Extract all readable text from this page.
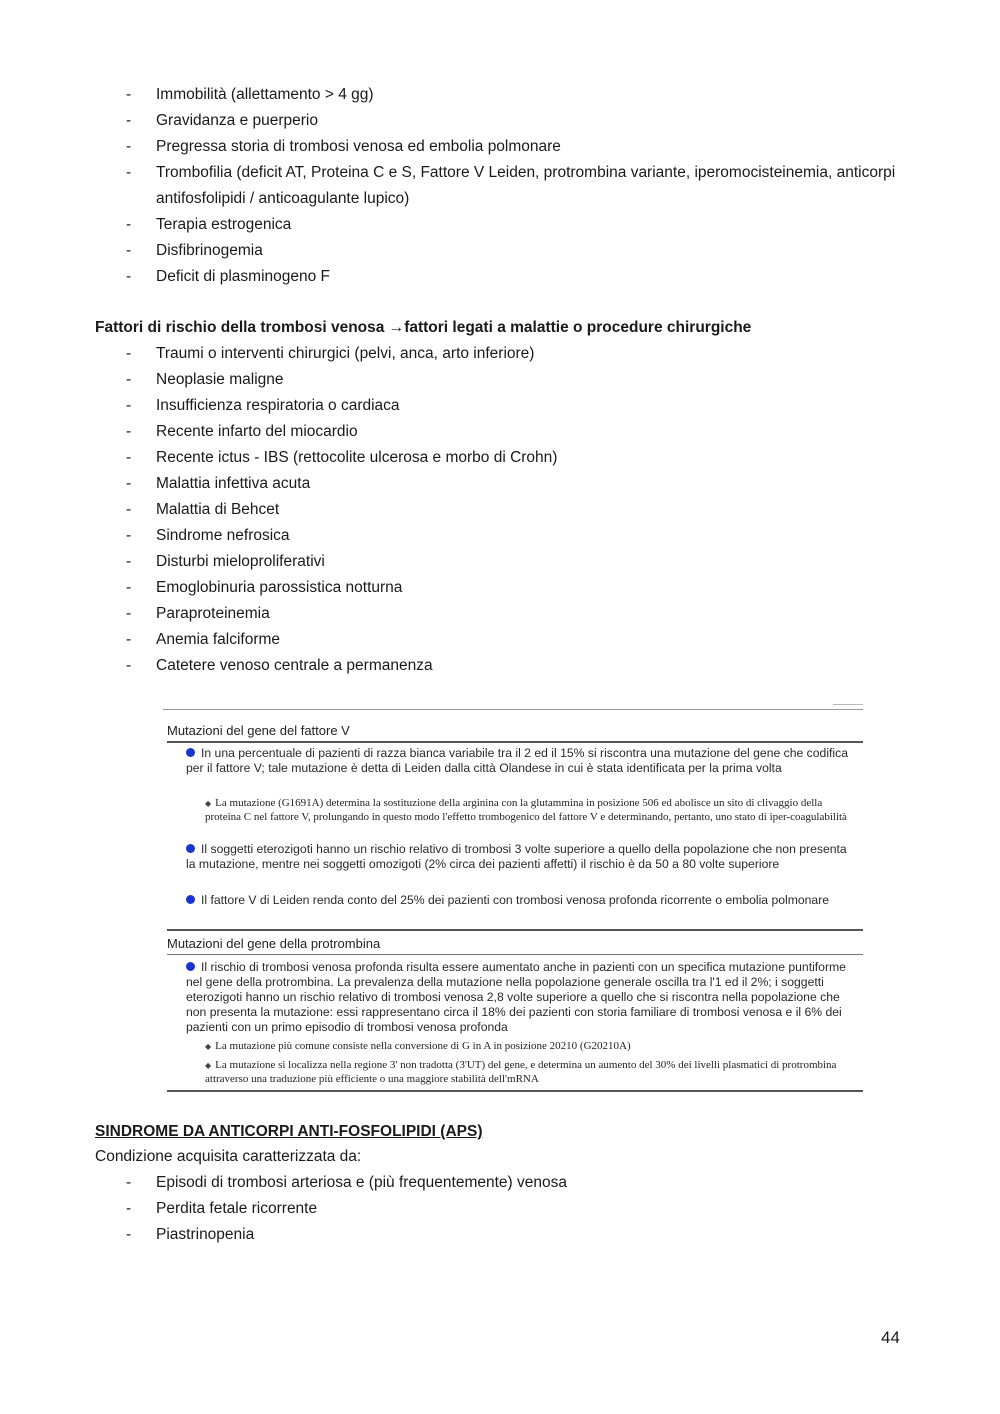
- Immobilità (allettamento > 4 gg)
- Gravidanza e puerperio
- Pregressa storia di trombosi venosa ed embolia polmonare
- Trombofilia (deficit AT, Proteina C e S, Fattore V Leiden, protrombina variante, iperomocisteinemia, anticorpi antifosfolipidi / anticoagulante lupico)
- Terapia estrogenica
- Disfibrinogemia
- Deficit di plasminogeno F
Fattori di rischio della trombosi venosa →fattori legati a malattie o procedure chirurgiche
- Traumi o interventi chirurgici (pelvi, anca, arto inferiore)
- Neoplasie maligne
- Insufficienza respiratoria o cardiaca
- Recente infarto del miocardio
- Recente ictus - IBS (rettocolite ulcerosa e morbo di Crohn)
- Malattia infettiva acuta
- Malattia di Behcet
- Sindrome nefrosica
- Disturbi mieloproliferativi
- Emoglobinuria parossistica notturna
- Paraproteinemia
- Anemia falciforme
- Catetere venoso centrale a permanenza
Mutazioni del gene del fattore V
In una percentuale di pazienti di razza bianca variabile tra il 2 ed il 15% si riscontra una mutazione del gene che codifica per il fattore V; tale mutazione è detta di Leiden dalla città Olandese in cui è stata identificata per la prima volta
◆ La mutazione (G1691A) determina la sostituzione della arginina con la glutammina in posizione 506 ed abolisce un sito di clivaggio della proteina C nel fattore V, prolungando in questo modo l'effetto trombogenico del fattore V e determinando, pertanto, uno stato di iper-coagulabilità
Il soggetti eterozigoti hanno un rischio relativo di trombosi 3 volte superiore a quello della popolazione che non presenta la mutazione, mentre nei soggetti omozigoti (2% circa dei pazienti affetti) il rischio è da 50 a 80 volte superiore
Il fattore V di Leiden renda conto del 25% dei pazienti con trombosi venosa profonda ricorrente o embolia polmonare
Mutazioni del gene della protrombina
Il rischio di trombosi venosa profonda risulta essere aumentato anche in pazienti con un specifica mutazione puntiforme nel gene della protrombina. La prevalenza della mutazione nella popolazione generale oscilla tra l'1 ed il 2%; i soggetti eterozigoti hanno un rischio relativo di trombosi venosa 2,8 volte superiore a quello che si riscontra nella popolazione che non presenta la mutazione: essi rappresentano circa il 18% dei pazienti con storia familiare di trombosi venosa e il 6% dei pazienti con un primo episodio di trombosi venosa profonda
◆ La mutazione più comune consiste nella conversione di G in A in posizione 20210 (G20210A)
◆ La mutazione si localizza nella regione 3' non tradotta (3'UT) del gene, e determina un aumento del 30% dei livelli plasmatici di protrombina attraverso una traduzione più efficiente o una maggiore stabilità dell'mRNA
SINDROME DA ANTICORPI ANTI-FOSFOLIPIDI (APS)
Condizione acquisita caratterizzata da:
- Episodi di trombosi arteriosa e (più frequentemente) venosa
- Perdita fetale ricorrente
- Piastrinopenia
44
